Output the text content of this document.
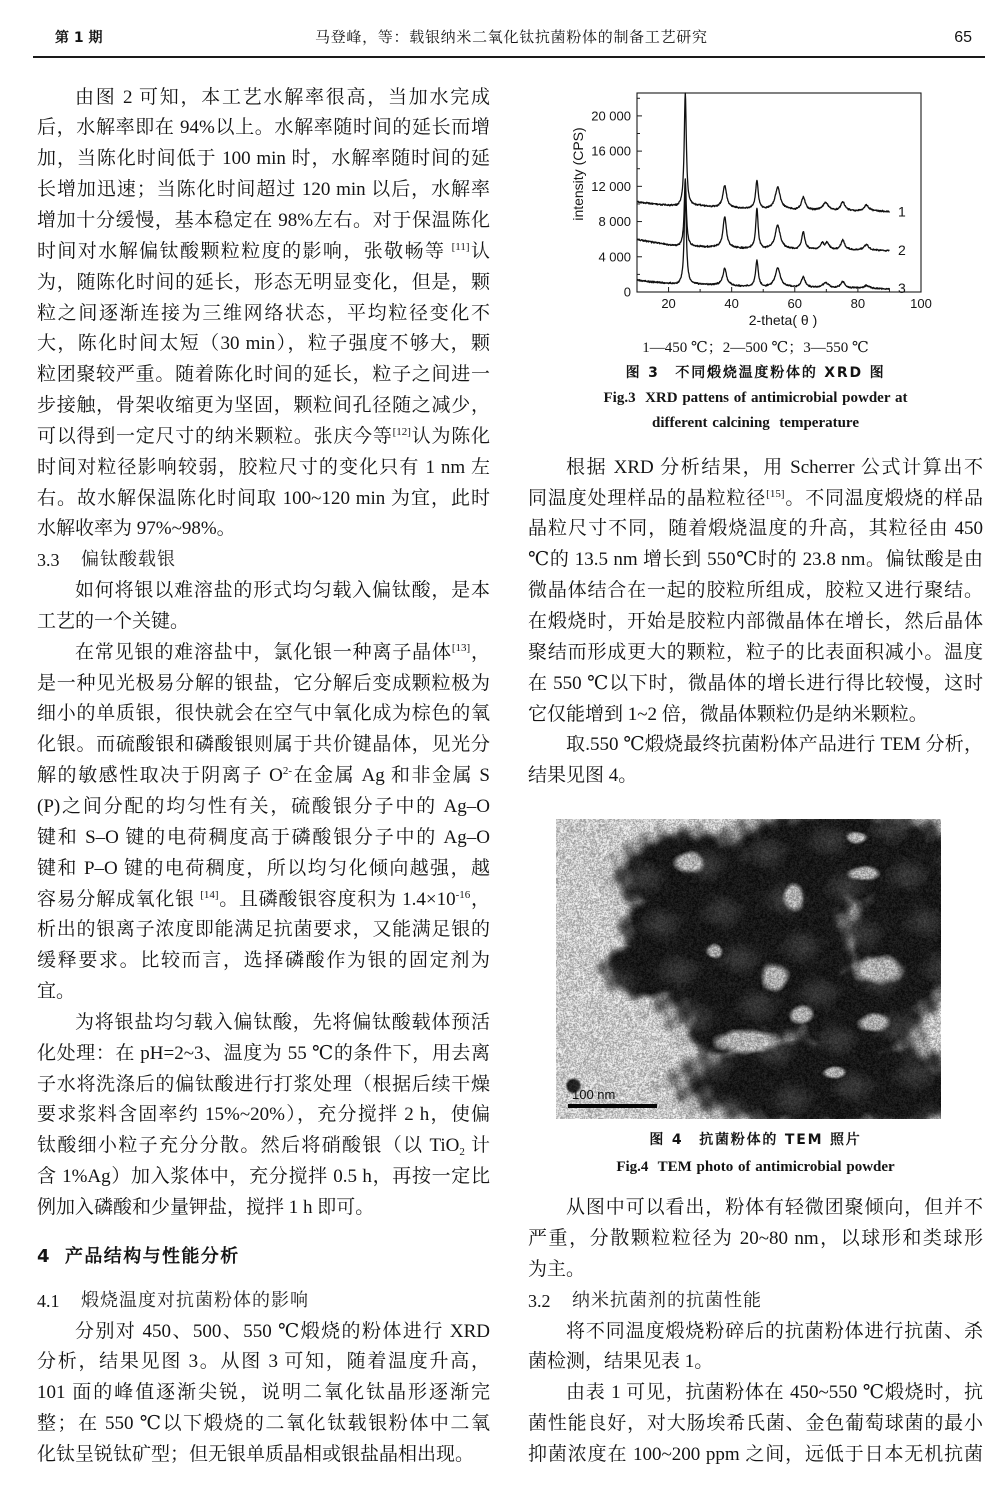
第 1 期	马登峰，等：载银纳米二氧化钛抗菌粉体的制备工艺研究	65
由图 2 可知，本工艺水解率很高，当加水完成
后，水解率即在 94%以上。水解率随时间的延长而增
加，当陈化时间低于 100 min 时，水解率随时间的延
长增加迅速；当陈化时间超过 120 min 以后，水解率
增加十分缓慢，基本稳定在 98%左右。对于保温陈化
时间对水解偏钛酸颗粒粒度的影响，张敬畅等 [11]认
为，随陈化时间的延长，形态无明显变化，但是，颗
粒之间逐渐连接为三维网络状态，平均粒径变化不
大，陈化时间太短（30 min），粒子强度不够大，颗
粒团聚较严重。随着陈化时间的延长，粒子之间进一
步接触，骨架收缩更为坚固，颗粒间孔径随之减少，
可以得到一定尺寸的纳米颗粒。张庆今等[12]认为陈化
时间对粒径影响较弱，胶粒尺寸的变化只有 1 nm 左
右。故水解保温陈化时间取 100~120 min 为宜，此时
水解收率为 97%~98%。
3.3	偏钛酸载银
如何将银以难溶盐的形式均匀载入偏钛酸，是本
工艺的一个关键。
在常见银的难溶盐中，氯化银一种离子晶体[13]，
是一种见光极易分解的银盐，它分解后变成颗粒极为
细小的单质银，很快就会在空气中氧化成为棕色的氧
化银。而硫酸银和磷酸银则属于共价键晶体，见光分
解的敏感性取决于阴离子 $O^{2-}$在金属 Ag 和非金属 S
(P)之间分配的均匀性有关，硫酸银分子中的 Ag–O
键和 S–O 键的电荷稠度高于磷酸银分子中的 Ag–O
键和 P–O 键的电荷稠度，所以均匀化倾向越强，越
容易分解成氧化银 [14]。且磷酸银容度积为 $1.4\times 10^{-16}$，
析出的银离子浓度即能满足抗菌要求，又能满足银的
缓释要求。比较而言，选择磷酸作为银的固定剂为
宜。
为将银盐均匀载入偏钛酸，先将偏钛酸载体预活
化处理：在 pH=2~3、温度为 55 ℃的条件下，用去离
子水将洗涤后的偏钛酸进行打浆处理（根据后续干燥
要求浆料含固率约 15%~20%），充分搅拌 2 h，使偏
钛酸细小粒子充分分散。然后将硝酸银（以 TiO$_2$ 计
含 1%Ag）加入浆体中，充分搅拌 0.5 h，再按一定比
例加入磷酸和少量钾盐，搅拌 1 h 即可。
4 产品结构与性能分析
4.1	煅烧温度对抗菌粉体的影响
分别对 450、500、550 ℃煅烧的粉体进行 XRD
分析，结果见图 3。从图 3 可知，随着温度升高，
101 面的峰值逐渐尖锐，说明二氧化钛晶形逐渐完
整；在 550 ℃以下煅烧的二氧化钛载银粉体中二氧
化钛呈锐钛矿型；但无银单质晶相或银盐晶相出现。
0
4 000
8 000
12 000
16 000
20 000
20	40	60	80	100
2-theta( θ )
intensity (CPS)	1
2
3
1—450 ℃；2—500 ℃；3—550 ℃
图 3　不同煅烧温度粉体的 XRD 图
Fig.3  XRD pattens of antimicrobial powder at
different calcining  temperature
根据 XRD 分析结果，用 Scherrer 公式计算出不
同温度处理样品的晶粒粒径[15]。不同温度煅烧的样品
晶粒尺寸不同，随着煅烧温度的升高，其粒径由 450
℃的 13.5 nm 增长到 550℃时的 23.8 nm。偏钛酸是由
微晶体结合在一起的胶粒所组成，胶粒又进行聚结。
在煅烧时，开始是胶粒内部微晶体在增长，然后晶体
聚结而形成更大的颗粒，粒子的比表面积减小。温度
在 550 ℃以下时，微晶体的增长进行得比较慢，这时
它仅能增到 1~2 倍，微晶体颗粒仍是纳米颗粒。
取.550 ℃煅烧最终抗菌粉体产品进行 TEM 分析，
结果见图 4。
100 nm
图 4　抗菌粉体的 TEM 照片
Fig.4  TEM photo of antimicrobial powder
从图中可以看出，粉体有轻微团聚倾向，但并不
严重，分散颗粒粒径为 20~80 nm，以球形和类球形
为主。
3.2	纳米抗菌剂的抗菌性能
将不同温度煅烧粉碎后的抗菌粉体进行抗菌、杀
菌检测，结果见表 1。
由表 1 可见，抗菌粉体在 450~550 ℃煅烧时，抗
菌性能良好，对大肠埃希氏菌、金色葡萄球菌的最小
抑菌浓度在 100~200 ppm 之间，远低于日本无机抗菌
